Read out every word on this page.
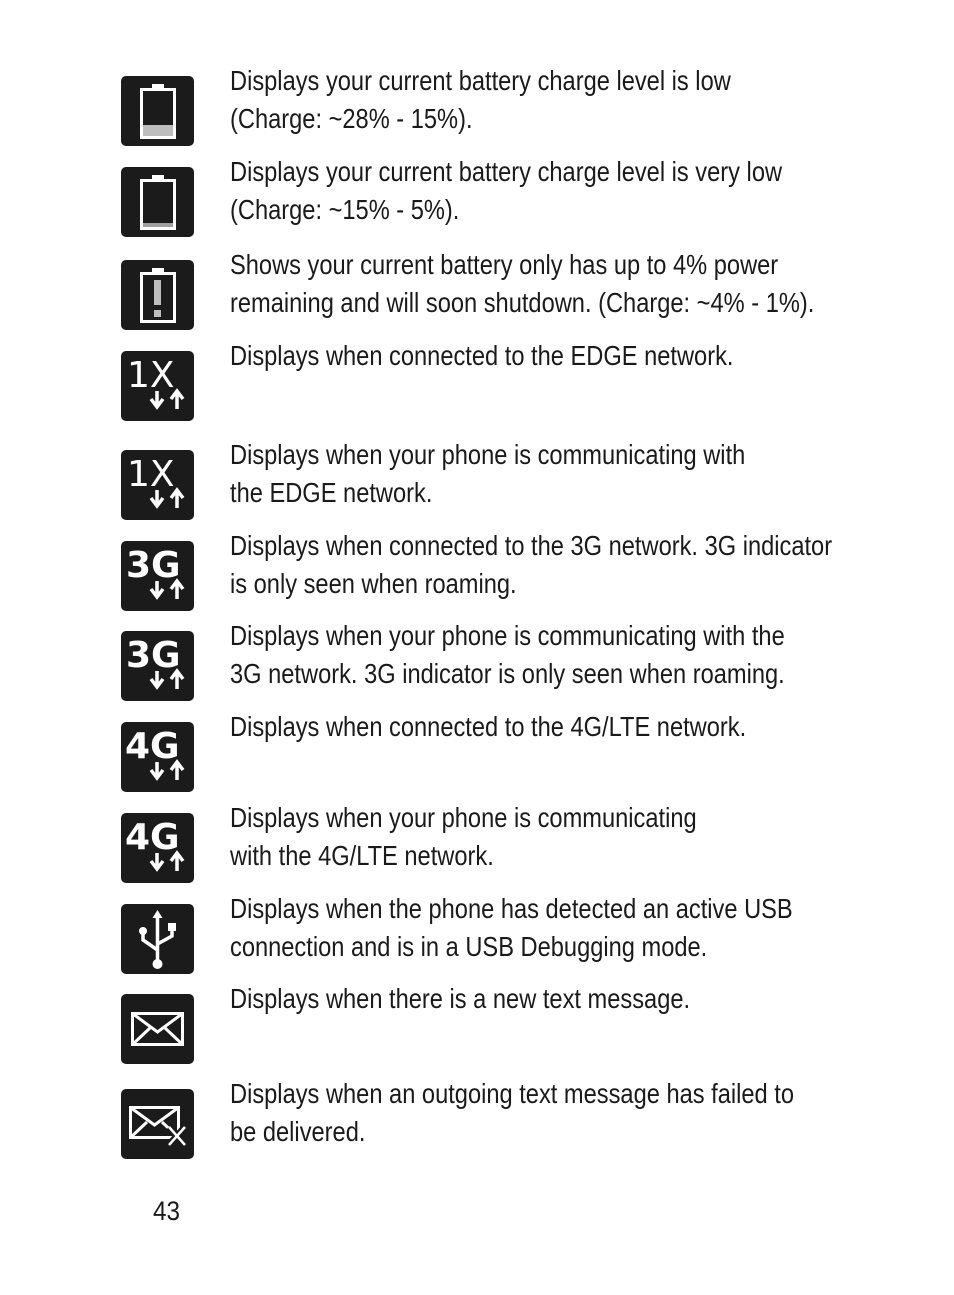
Displays your current battery charge level is low
(Charge: ~28% - 15%).
Displays your current battery charge level is very low
(Charge: ~15% - 5%).
Shows your current battery only has up to 4% power
remaining and will soon shutdown. (Charge: ~4% - 1%).
1X Displays when connected to the EDGE network.
1X Displays when your phone is communicating with
the EDGE network.
3G Displays when connected to the 3G network. 3G indicator
is only seen when roaming.
3G Displays when your phone is communicating with the
3G network. 3G indicator is only seen when roaming.
4G Displays when connected to the 4G/LTE network.
4G Displays when your phone is communicating
with the 4G/LTE network.
Displays when the phone has detected an active USB
connection and is in a USB Debugging mode.
Displays when there is a new text message.
Displays when an outgoing text message has failed to
be delivered.
43
